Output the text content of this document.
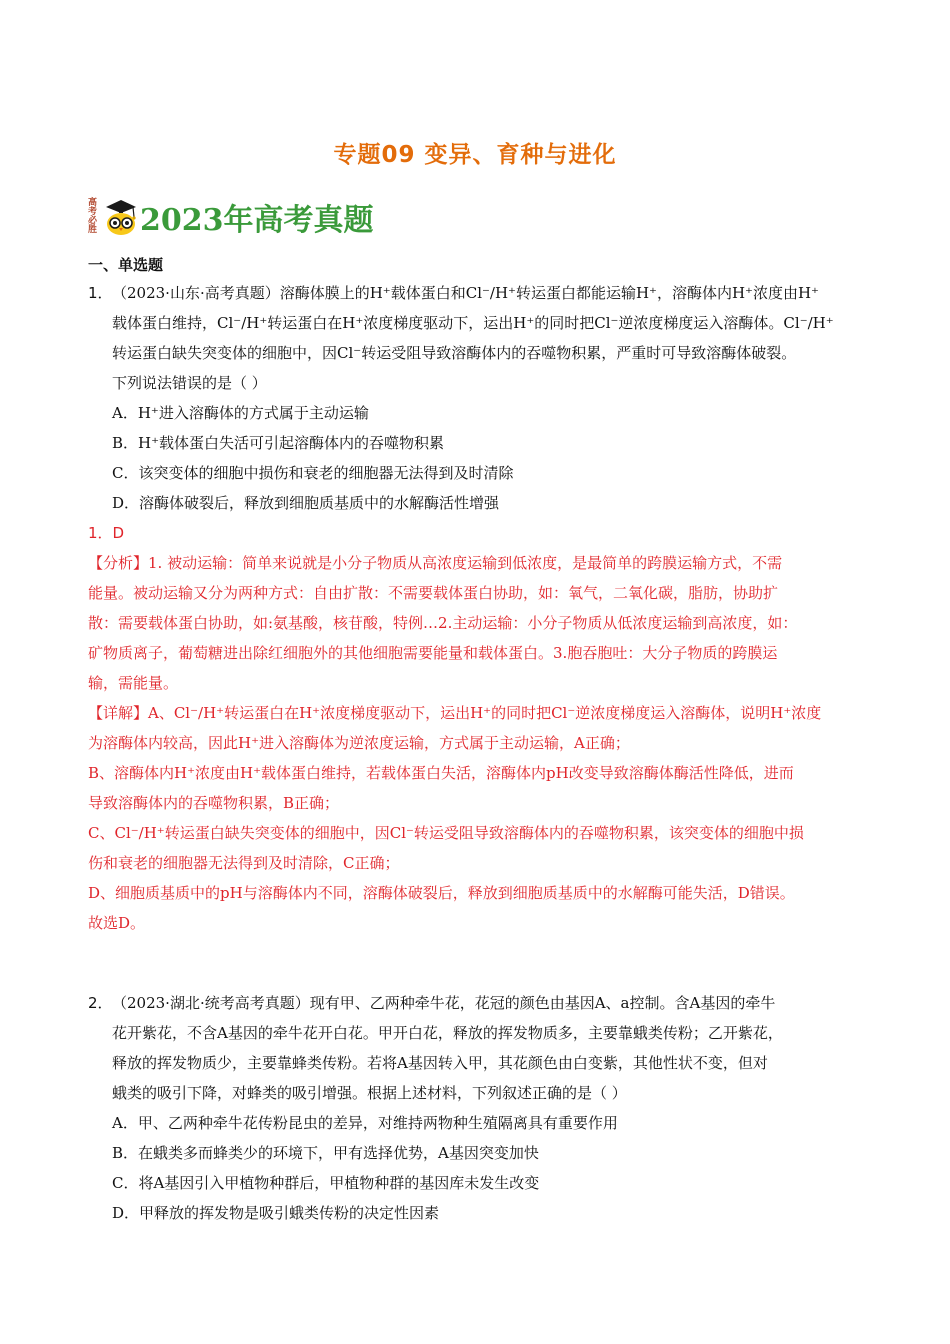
专题09 变异、育种与进化
高
考
必
胜 2023年高考真题
一、单选题
1． （2023·山东·高考真题）溶酶体膜上的H⁺载体蛋白和Cl⁻/H⁺转运蛋白都能运输H⁺，溶酶体内H⁺浓度由H⁺

载体蛋白维持，Cl⁻/H⁺转运蛋白在H⁺浓度梯度驱动下，运出H⁺的同时把Cl⁻逆浓度梯度运入溶酶体。Cl⁻/H⁺

转运蛋白缺失突变体的细胞中，因Cl⁻转运受阻导致溶酶体内的吞噬物积累，严重时可导致溶酶体破裂。

下列说法错误的是（ ）

A．H⁺进入溶酶体的方式属于主动运输

B．H⁺载体蛋白失活可引起溶酶体内的吞噬物积累

C．该突变体的细胞中损伤和衰老的细胞器无法得到及时清除

D．溶酶体破裂后，释放到细胞质基质中的水解酶活性增强

1．D

【分析】1. 被动运输：简单来说就是小分子物质从高浓度运输到低浓度，是最简单的跨膜运输方式，不需

能量。被动运输又分为两种方式：自由扩散：不需要载体蛋白协助，如：氧气，二氧化碳，脂肪，协助扩

散：需要载体蛋白协助，如:氨基酸，核苷酸，特例…2.主动运输：小分子物质从低浓度运输到高浓度，如：

矿物质离子，葡萄糖进出除红细胞外的其他细胞需要能量和载体蛋白。3.胞吞胞吐：大分子物质的跨膜运

输，需能量。

【详解】A、Cl⁻/H⁺转运蛋白在H⁺浓度梯度驱动下，运出H⁺的同时把Cl⁻逆浓度梯度运入溶酶体，说明H⁺浓度

为溶酶体内较高，因此H⁺进入溶酶体为逆浓度运输，方式属于主动运输，A正确；

B、溶酶体内H⁺浓度由H⁺载体蛋白维持，若载体蛋白失活，溶酶体内pH改变导致溶酶体酶活性降低，进而

导致溶酶体内的吞噬物积累，B正确；

C、Cl⁻/H⁺转运蛋白缺失突变体的细胞中，因Cl⁻转运受阻导致溶酶体内的吞噬物积累，该突变体的细胞中损

伤和衰老的细胞器无法得到及时清除，C正确；

D、细胞质基质中的pH与溶酶体内不同，溶酶体破裂后，释放到细胞质基质中的水解酶可能失活，D错误。

故选D。

2． （2023·湖北·统考高考真题）现有甲、乙两种牵牛花，花冠的颜色由基因A、a控制。含A基因的牵牛

花开紫花，不含A基因的牵牛花开白花。甲开白花，释放的挥发物质多，主要靠蛾类传粉；乙开紫花，

释放的挥发物质少，主要靠蜂类传粉。若将A基因转入甲，其花颜色由白变紫，其他性状不变，但对

蛾类的吸引下降，对蜂类的吸引增强。根据上述材料，下列叙述正确的是（ ）

A．甲、乙两种牵牛花传粉昆虫的差异，对维持两物种生殖隔离具有重要作用

B．在蛾类多而蜂类少的环境下，甲有选择优势，A基因突变加快

C．将A基因引入甲植物种群后，甲植物种群的基因库未发生改变

D．甲释放的挥发物是吸引蛾类传粉的决定性因素
